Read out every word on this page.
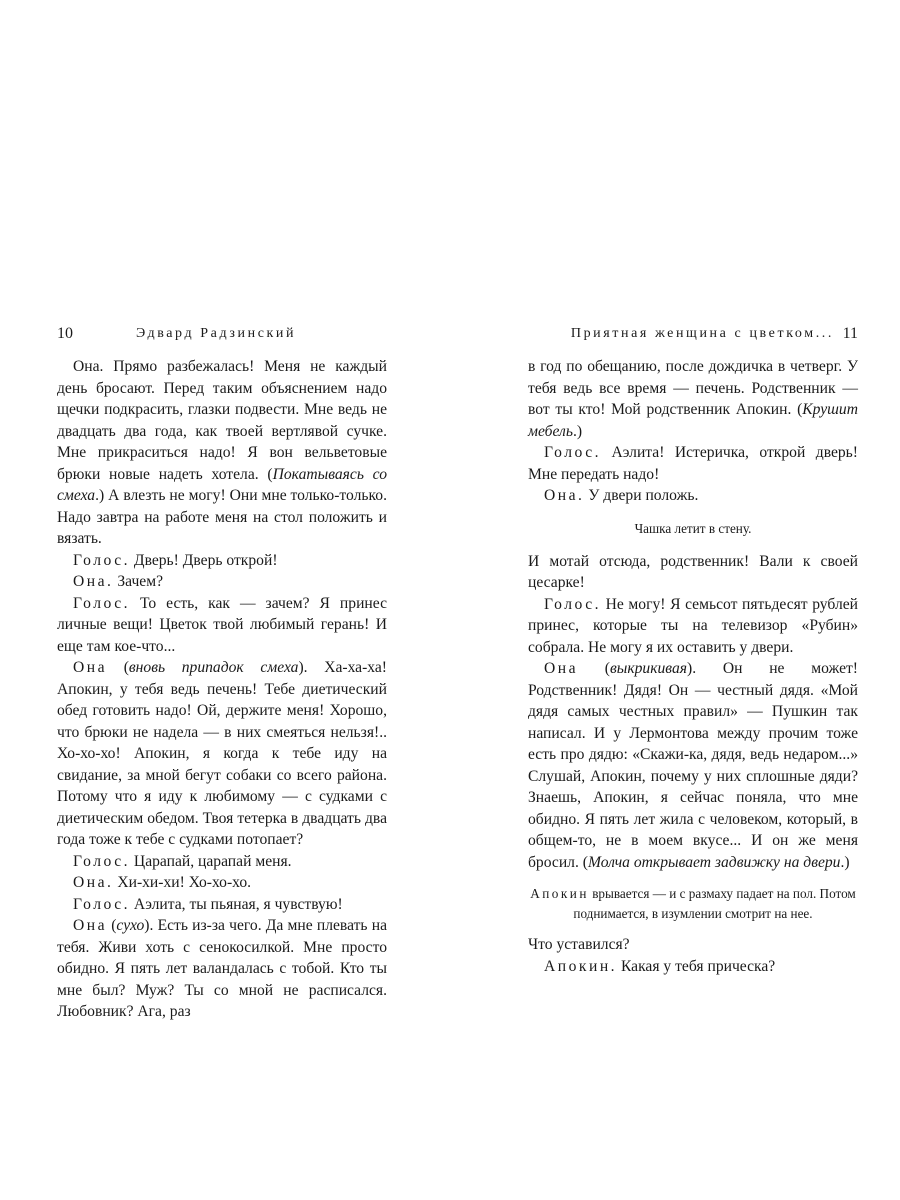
10	Эдвард Радзинский
Она. Прямо разбежалась! Меня не каждый день бросают. Перед таким объяснением надо щечки подкрасить, глазки подвести. Мне ведь не двадцать два года, как твоей вертлявой сучке. Мне прикраситься надо! Я вон вельветовые брюки новые надеть хотела. (Покатываясь со смеха.) А влезть не могу! Они мне только-только. Надо завтра на работе меня на стол положить и вязать.
Голос. Дверь! Дверь открой!
Она. Зачем?
Голос. То есть, как — зачем? Я принес личные вещи! Цветок твой любимый герань! И еще там кое-что...
Она (вновь припадок смеха). Ха-ха-ха! Апокин, у тебя ведь печень! Тебе диетический обед готовить надо! Ой, держите меня! Хорошо, что брюки не надела — в них смеяться нельзя!.. Хо-хо-хо! Апокин, я когда к тебе иду на свидание, за мной бегут собаки со всего района. Потому что я иду к любимому — с судками с диетическим обедом. Твоя тетерка в двадцать два года тоже к тебе с судками потопает?
Голос. Царапай, царапай меня.
Она. Хи-хи-хи! Хо-хо-хо.
Голос. Аэлита, ты пьяная, я чувствую!
Она (сухо). Есть из-за чего. Да мне плевать на тебя. Живи хоть с сенокосилкой. Мне просто обидно. Я пять лет валандалась с тобой. Кто ты мне был? Муж? Ты со мной не расписался. Любовник? Ага, раз
Приятная женщина с цветком... 11
в год по обещанию, после дождичка в четверг. У тебя ведь все время — печень. Родственник — вот ты кто! Мой родственник Апокин. (Крушит мебель.)
Голос. Аэлита! Истеричка, открой дверь! Мне передать надо!
Она. У двери положь.
Чашка летит в стену.
И мотай отсюда, родственник! Вали к своей цесарке!
Голос. Не могу! Я семьсот пятьдесят рублей принес, которые ты на телевизор «Рубин» собрала. Не могу я их оставить у двери.
Она (выкрикивая). Он не может! Родственник! Дядя! Он — честный дядя. «Мой дядя самых честных правил» — Пушкин так написал. И у Лермонтова между прочим тоже есть про дядю: «Скажи-ка, дядя, ведь недаром...» Слушай, Апокин, почему у них сплошные дяди? Знаешь, Апокин, я сейчас поняла, что мне обидно. Я пять лет жила с человеком, который, в общем-то, не в моем вкусе... И он же меня бросил. (Молча открывает задвижку на двери.)
Апокин врывается — и с размаху падает на пол. Потом поднимается, в изумлении смотрит на нее.
Что уставился?
Апокин. Какая у тебя прическа?
